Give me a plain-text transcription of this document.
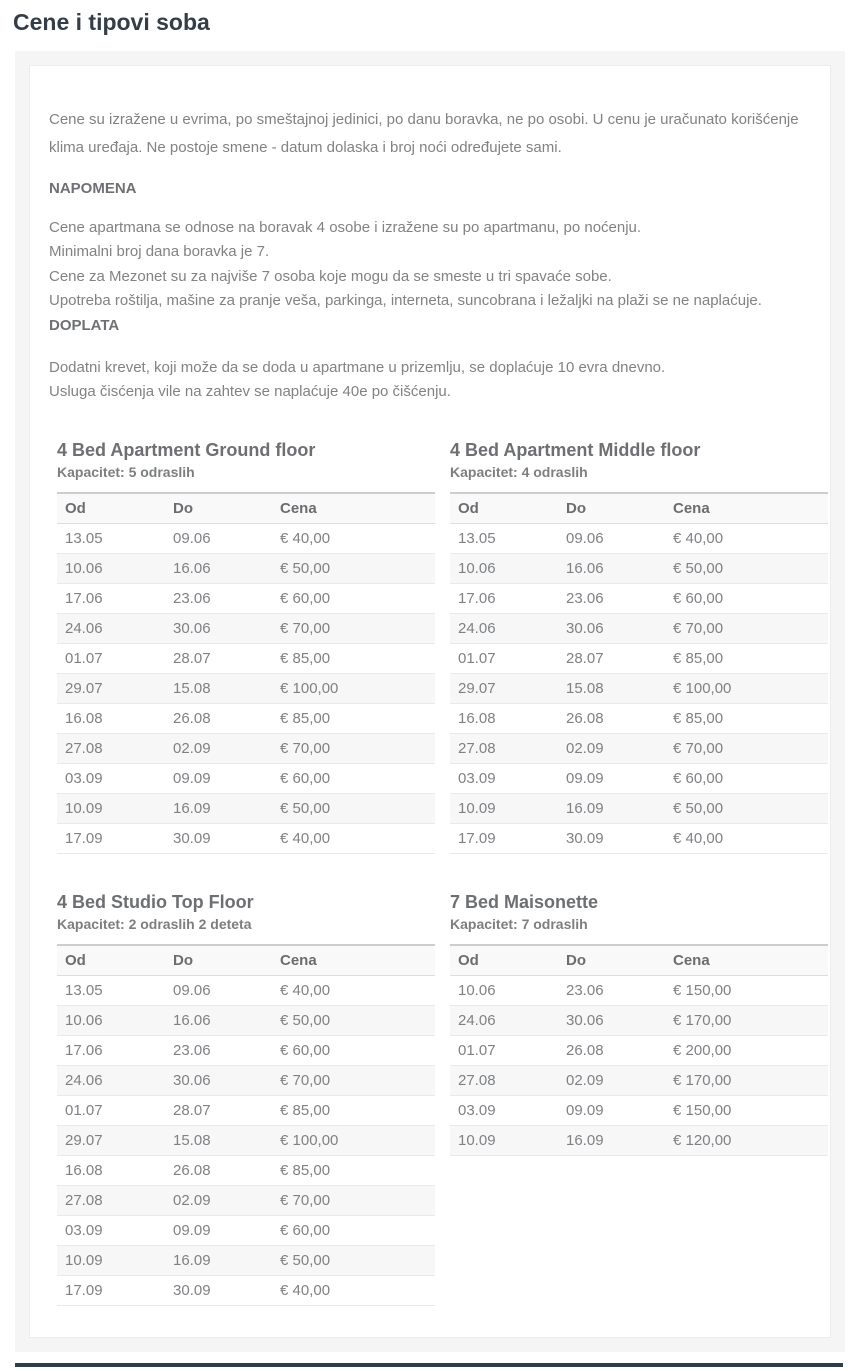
Cene i tipovi soba

Cene su izražene u evrima, po smeštajnoj jedinici, po danu boravka, ne po osobi. U cenu je uračunato korišćenje klima uređaja. Ne postoje smene - datum dolaska i broj noći određujete sami.

NAPOMENA

Cene apartmana se odnose na boravak 4 osobe i izražene su po apartmanu, po noćenju.

Minimalni broj dana boravka je 7.

Cene za Mezonet su za najviše 7 osoba koje mogu da se smeste u tri spavaće sobe.

Upotreba roštilja, mašine za pranje veša, parkinga, interneta, suncobrana i ležaljki na plaži se ne naplaćuje.

DOPLATA

Dodatni krevet, koji može da se doda u apartmane u prizemlju, se doplaćuje 10 evra dnevno.

Usluga čisćenja vile na zahtev se naplaćuje 40e po čišćenju.

4 Bed Apartment Ground floor
Kapacitet: 5 odraslih
Od	Do	Cena
13.05	09.06	€ 40,00
10.06	16.06	€ 50,00
17.06	23.06	€ 60,00
24.06	30.06	€ 70,00
01.07	28.07	€ 85,00
29.07	15.08	€ 100,00
16.08	26.08	€ 85,00
27.08	02.09	€ 70,00
03.09	09.09	€ 60,00
10.09	16.09	€ 50,00
17.09	30.09	€ 40,00
4 Bed Apartment Middle floor
Kapacitet: 4 odraslih
Od	Do	Cena
13.05	09.06	€ 40,00
10.06	16.06	€ 50,00
17.06	23.06	€ 60,00
24.06	30.06	€ 70,00
01.07	28.07	€ 85,00
29.07	15.08	€ 100,00
16.08	26.08	€ 85,00
27.08	02.09	€ 70,00
03.09	09.09	€ 60,00
10.09	16.09	€ 50,00
17.09	30.09	€ 40,00
4 Bed Studio Top Floor
Kapacitet: 2 odraslih 2 deteta
Od	Do	Cena
13.05	09.06	€ 40,00
10.06	16.06	€ 50,00
17.06	23.06	€ 60,00
24.06	30.06	€ 70,00
01.07	28.07	€ 85,00
29.07	15.08	€ 100,00
16.08	26.08	€ 85,00
27.08	02.09	€ 70,00
03.09	09.09	€ 60,00
10.09	16.09	€ 50,00
17.09	30.09	€ 40,00
7 Bed Maisonette
Kapacitet: 7 odraslih
Od	Do	Cena
10.06	23.06	€ 150,00
24.06	30.06	€ 170,00
01.07	26.08	€ 200,00
27.08	02.09	€ 170,00
03.09	09.09	€ 150,00
10.09	16.09	€ 120,00
